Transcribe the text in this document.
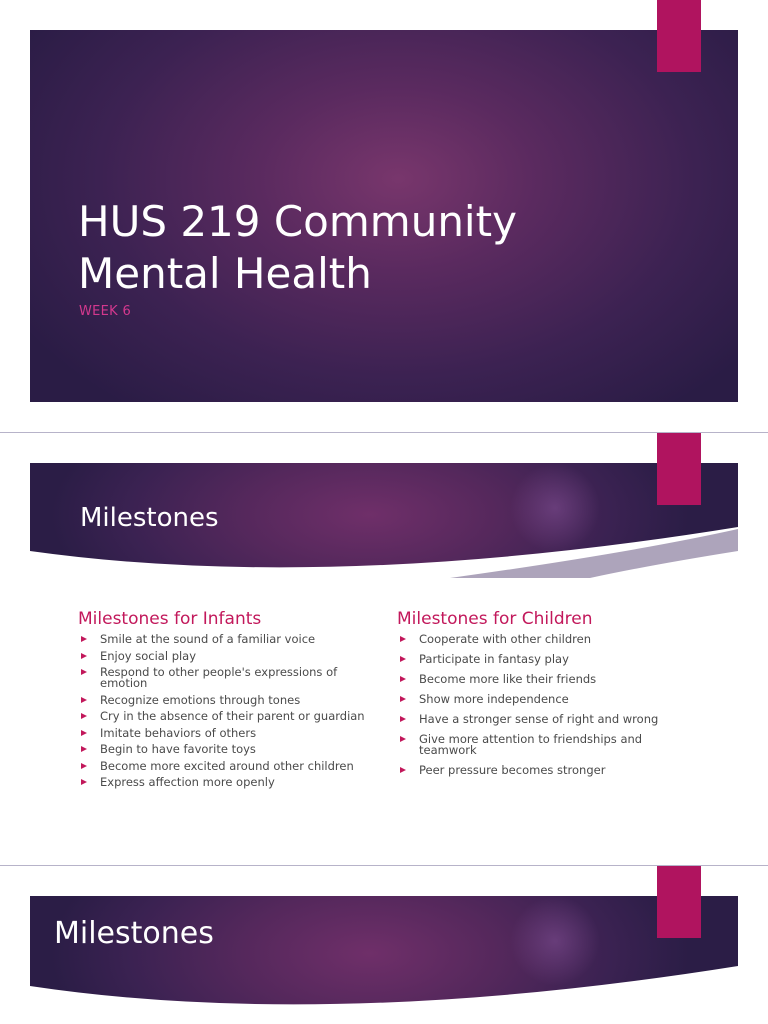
HUS 219 Community Mental Health
WEEK 6
Milestones
Milestones for Infants
Smile at the sound of a familiar voice
Enjoy social play
Respond to other people's expressions of emotion
Recognize emotions through tones
Cry in the absence of their parent or guardian
Imitate behaviors of others
Begin to have favorite toys
Become more excited around other children
Express affection more openly
Milestones for Children
Cooperate with other children
Participate in fantasy play
Become more like their friends
Show more independence
Have a stronger sense of right and wrong
Give more attention to friendships and teamwork
Peer pressure becomes stronger
Milestones
